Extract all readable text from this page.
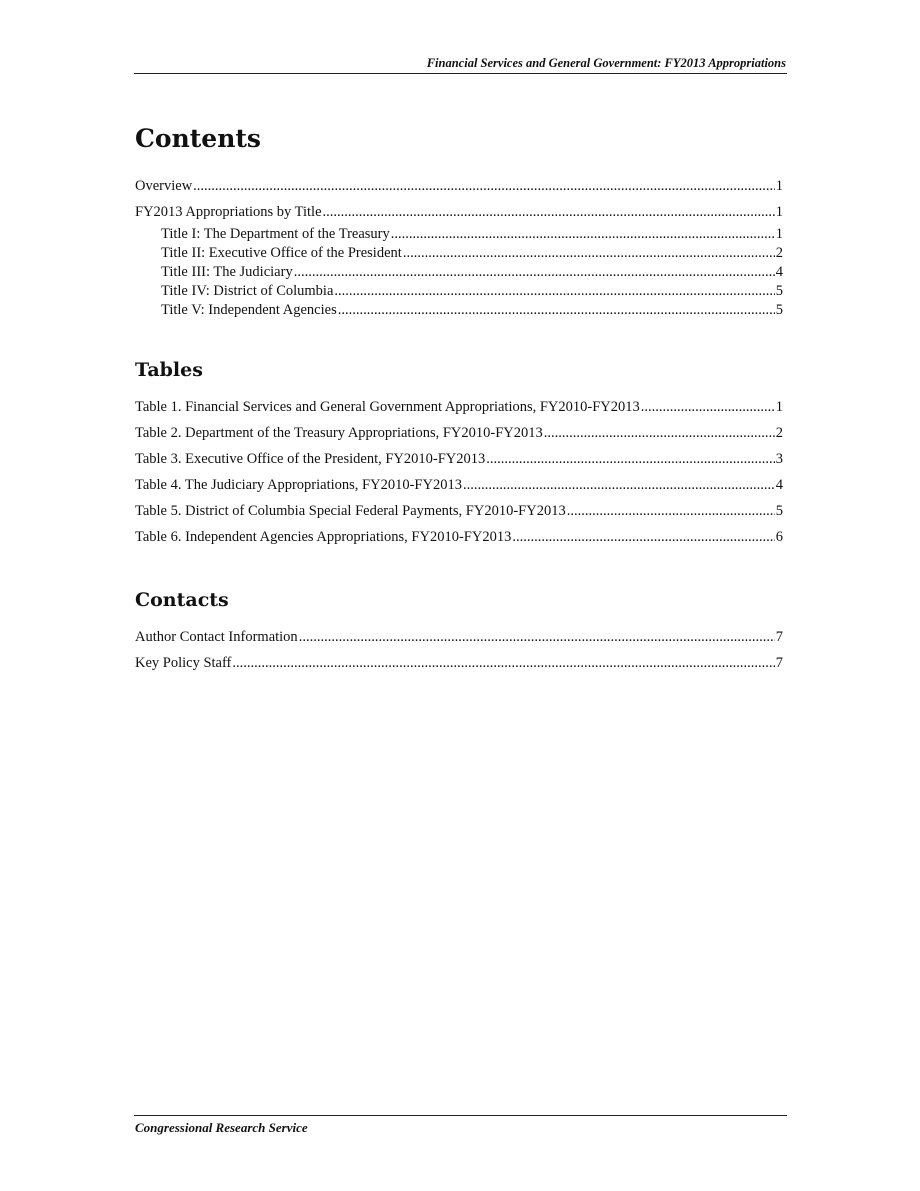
Financial Services and General Government: FY2013 Appropriations
Contents
Overview .....	1
FY2013 Appropriations by Title .....	1
Title I: The Department of the Treasury .....	1
Title II: Executive Office of the President .....	2
Title III: The Judiciary .....	4
Title IV: District of Columbia .....	5
Title V: Independent Agencies .....	5
Tables
Table 1. Financial Services and General Government Appropriations, FY2010-FY2013 .....	1
Table 2. Department of the Treasury Appropriations, FY2010-FY2013 .....	2
Table 3. Executive Office of the President, FY2010-FY2013 .....	3
Table 4. The Judiciary Appropriations, FY2010-FY2013 .....	4
Table 5. District of Columbia Special Federal Payments, FY2010-FY2013 .....	5
Table 6. Independent Agencies Appropriations, FY2010-FY2013 .....	6
Contacts
Author Contact Information .....	7
Key Policy Staff .....	7
Congressional Research Service
